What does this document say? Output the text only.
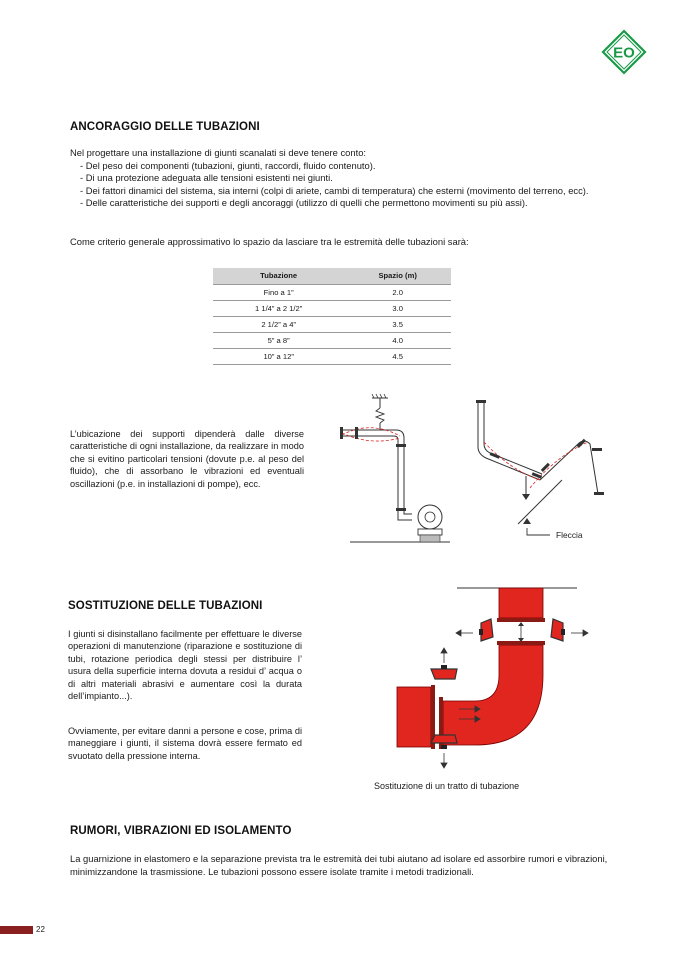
EO
ANCORAGGIO DELLE TUBAZIONI
Nel progettare una installazione di giunti scanalati si deve tenere conto:
- Del peso dei componenti (tubazioni, giunti, raccordi, fluido contenuto).
- Di una protezione adeguata alle tensioni esistenti nei giunti.
- Dei fattori dinamici del sistema, sia interni (colpi di ariete, cambi di temperatura) che esterni (movimento del terreno, ecc).
- Delle caratteristiche dei supporti e degli ancoraggi (utilizzo di quelli che permettono movimenti su più assi).
Come criterio generale approssimativo lo spazio da lasciare tra le estremità delle tubazioni sarà:
Tubazione	Spazio (m)
Fino a 1”	2.0
1 1/4” a 2 1/2”	3.0
2 1/2” a 4”	3.5
5” a 8”	4.0
10” a 12”	4.5
L’ubicazione dei supporti dipenderà dalle diverse caratteristiche di ogni installazione, da realizzare in modo che si evitino particolari tensioni (dovute p.e. al peso del fluido), che di assorbano le vibrazioni ed eventuali oscillazioni (p.e. in installazioni di pompe), ecc.
Fleccia
SOSTITUZIONE DELLE TUBAZIONI
I giunti si disinstallano facilmente per effettuare le diverse operazioni di manutenzione (riparazione e sostituzione di tubi, rotazione periodica degli stessi per distribuire l’ usura della superficie interna dovuta a residui d’ acqua o di altri materiali abrasivi e aumentare così la durata dell’impianto...).
Ovviamente, per evitare danni a persone e cose, prima di maneggiare i giunti, il sistema dovrà essere fermato ed svuotato della pressione interna.
Sostituzione di un tratto di tubazione
RUMORI, VIBRAZIONI ED ISOLAMENTO
La guarnizione in elastomero e la separazione prevista tra le estremità dei tubi aiutano ad isolare ed assorbire rumori e vibrazioni, minimizzandone la trasmissione. Le tubazioni possono essere isolate tramite i metodi tradizionali.
22
